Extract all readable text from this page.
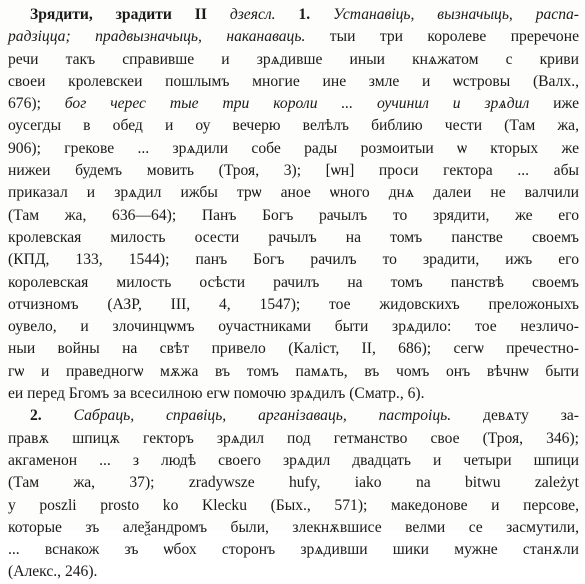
Зрядити, зрадити II дзеясл. 1. Устанавіць, вызначыць, распа-
радзіцца; прадвызначыць, наканаваць. тыи три королеве преречоне
речи такъ справивше и зрѧдивше иныи кнѧжатом с криви
своеи кролевскеи пошлымъ многие ине змле и ѡстровы (Валх.,
676); бог черес тые три короли ... оучинил и зрѧдил иже
оусегды в обед и оу вечерю велѣлъ библию чести (Там жа,
906); грекове ... зрѧдили собе рады розмоитыи ѡ кторых же
нижеи будемъ мовить (Троя, 3); [ѡн] проси гектора ... абы
приказал и зрѧдил ижбы трѡ аное ѡного днѧ далеи не валчили
(Там жа, 636—64); Панъ Богъ рачылъ то зрядити, же его
кролевская милость осести рачылъ на томъ панстве своемъ
(КПД, 133, 1544); панъ Богъ рачилъ то зрадити, ижъ его
королевская милость осѣсти рачилъ на томъ панствѣ своемъ
отчизномъ (АЗР, III, 4, 1547); тое жидовскихъ преложоныхъ
оувело, и злочинцѡмъ оучастниками быти зрѧдило: тое незличо-
ныи войны на свѣт привело (Каліст, II, 686); сегѡ пречестно-
гѡ и праведногѡ мѫжа въ томъ памѧть, въ чомъ онъ вѣчнѡ быти
еи перед Бгомъ за всесилною егѡ помочю зрѧдилъ (Сматр., 6).
2. Сабраць, справіць, арганізаваць, пастроіць. девѧту за-
правѫ шпицѫ гекторъ зрѧдил под гетманство свое (Троя, 346);
акгаменон ... з людѣ своего зрѧдил двадцать и четыри шпици
(Там жа, 37); zradywsze hufy, iako na bitwu zależyt
y poszli prosto ko Klecku (Бых., 571); македонове и персове,
которые зъ алеѯандромъ были, злекнѫвшисе велми се засмутили,
... вснакож зъ ѡбох сторонъ зрѧдивши шики мужне станѫли
(Алекс., 246).
